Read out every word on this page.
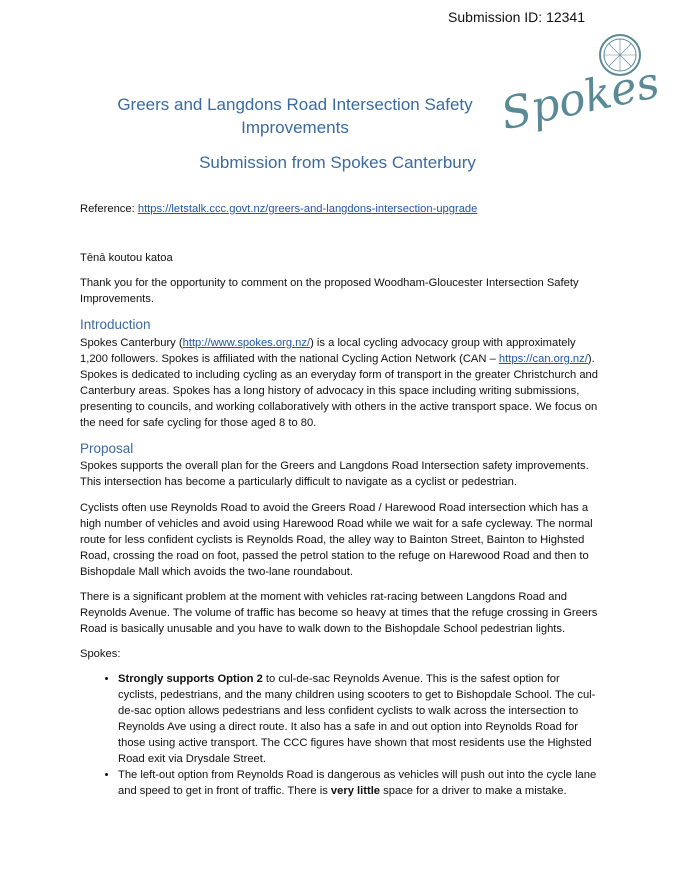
Submission ID: 12341
Spokes
Greers and Langdons Road Intersection Safety
Improvements
Submission from Spokes Canterbury
Reference: https://letstalk.ccc.govt.nz/greers-and-langdons-intersection-upgrade
Tēnā koutou katoa
Thank you for the opportunity to comment on the proposed Woodham-Gloucester Intersection Safety Improvements.
Introduction
Spokes Canterbury (http://www.spokes.org.nz/) is a local cycling advocacy group with approximately 1,200 followers. Spokes is affiliated with the national Cycling Action Network (CAN – https://can.org.nz/). Spokes is dedicated to including cycling as an everyday form of transport in the greater Christchurch and Canterbury areas. Spokes has a long history of advocacy in this space including writing submissions, presenting to councils, and working collaboratively with others in the active transport space. We focus on the need for safe cycling for those aged 8 to 80.
Proposal
Spokes supports the overall plan for the Greers and Langdons Road Intersection safety improvements. This intersection has become a particularly difficult to navigate as a cyclist or pedestrian.
Cyclists often use Reynolds Road to avoid the Greers Road / Harewood Road intersection which has a high number of vehicles and avoid using Harewood Road while we wait for a safe cycleway. The normal route for less confident cyclists is Reynolds Road, the alley way to Bainton Street, Bainton to Highsted Road, crossing the road on foot, passed the petrol station to the refuge on Harewood Road and then to Bishopdale Mall which avoids the two-lane roundabout.
There is a significant problem at the moment with vehicles rat-racing between Langdons Road and Reynolds Avenue. The volume of traffic has become so heavy at times that the refuge crossing in Greers Road is basically unusable and you have to walk down to the Bishopdale School pedestrian lights.
Spokes:
• Strongly supports Option 2 to cul-de-sac Reynolds Avenue. This is the safest option for cyclists, pedestrians, and the many children using scooters to get to Bishopdale School. The cul-de-sac option allows pedestrians and less confident cyclists to walk across the intersection to Reynolds Ave using a direct route. It also has a safe in and out option into Reynolds Road for those using active transport. The CCC figures have shown that most residents use the Highsted Road exit via Drysdale Street.
• The left-out option from Reynolds Road is dangerous as vehicles will push out into the cycle lane and speed to get in front of traffic. There is very little space for a driver to make a mistake.
